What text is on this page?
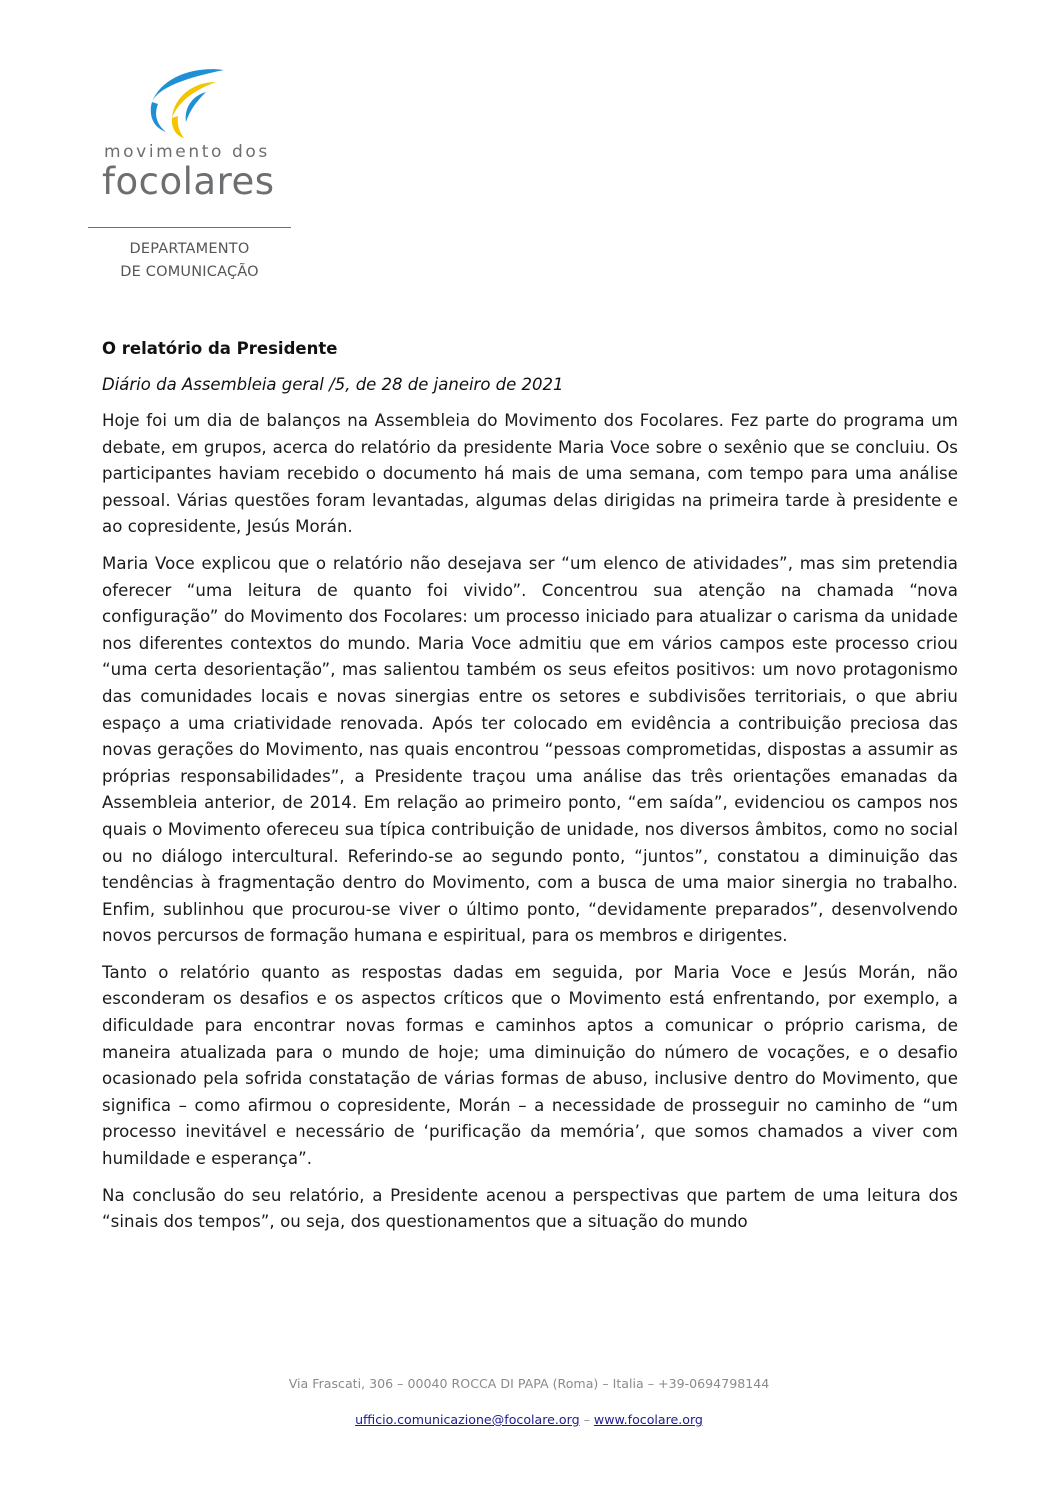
movimento dos
focolares
DEPARTAMENTO
DE COMUNICAÇÃO

O relatório da Presidente

Diário da Assembleia geral /5, de 28 de janeiro de 2021

Hoje foi um dia de balanços na Assembleia do Movimento dos Focolares. Fez parte do programa um debate, em grupos, acerca do relatório da presidente Maria Voce sobre o sexênio que se concluiu. Os participantes haviam recebido o documento há mais de uma semana, com tempo para uma análise pessoal. Várias questões foram levantadas, algumas delas dirigidas na primeira tarde à presidente e ao copresidente, Jesús Morán.

Maria Voce explicou que o relatório não desejava ser “um elenco de atividades”, mas sim pretendia oferecer “uma leitura de quanto foi vivido”. Concentrou sua atenção na chamada “nova configuração” do Movimento dos Focolares: um processo iniciado para atualizar o carisma da unidade nos diferentes contextos do mundo. Maria Voce admitiu que em vários campos este processo criou “uma certa desorientação”, mas salientou também os seus efeitos positivos: um novo protagonismo das comunidades locais e novas sinergias entre os setores e subdivisões territoriais, o que abriu espaço a uma criatividade renovada. Após ter colocado em evidência a contribuição preciosa das novas gerações do Movimento, nas quais encontrou “pessoas comprometidas, dispostas a assumir as próprias responsabilidades”, a Presidente traçou uma análise das três orientações emanadas da Assembleia anterior, de 2014. Em relação ao primeiro ponto, “em saída”, evidenciou os campos nos quais o Movimento ofereceu sua típica contribuição de unidade, nos diversos âmbitos, como no social ou no diálogo intercultural. Referindo-se ao segundo ponto, “juntos”, constatou a diminuição das tendências à fragmentação dentro do Movimento, com a busca de uma maior sinergia no trabalho. Enfim, sublinhou que procurou-se viver o último ponto, “devidamente preparados”, desenvolvendo novos percursos de formação humana e espiritual, para os membros e dirigentes.

Tanto o relatório quanto as respostas dadas em seguida, por Maria Voce e Jesús Morán, não esconderam os desafios e os aspectos críticos que o Movimento está enfrentando, por exemplo, a dificuldade para encontrar novas formas e caminhos aptos a comunicar o próprio carisma, de maneira atualizada para o mundo de hoje; uma diminuição do número de vocações, e o desafio ocasionado pela sofrida constatação de várias formas de abuso, inclusive dentro do Movimento, que significa – como afirmou o copresidente, Morán – a necessidade de prosseguir no caminho de “um processo inevitável e necessário de ‘purificação da memória’, que somos chamados a viver com humildade e esperança”.

Na conclusão do seu relatório, a Presidente acenou a perspectivas que partem de uma leitura dos “sinais dos tempos”, ou seja, dos questionamentos que a situação do mundo

Via Frascati, 306 – 00040 ROCCA DI PAPA (Roma) – Italia – +39-0694798144
ufficio.comunicazione@focolare.org – www.focolare.org
